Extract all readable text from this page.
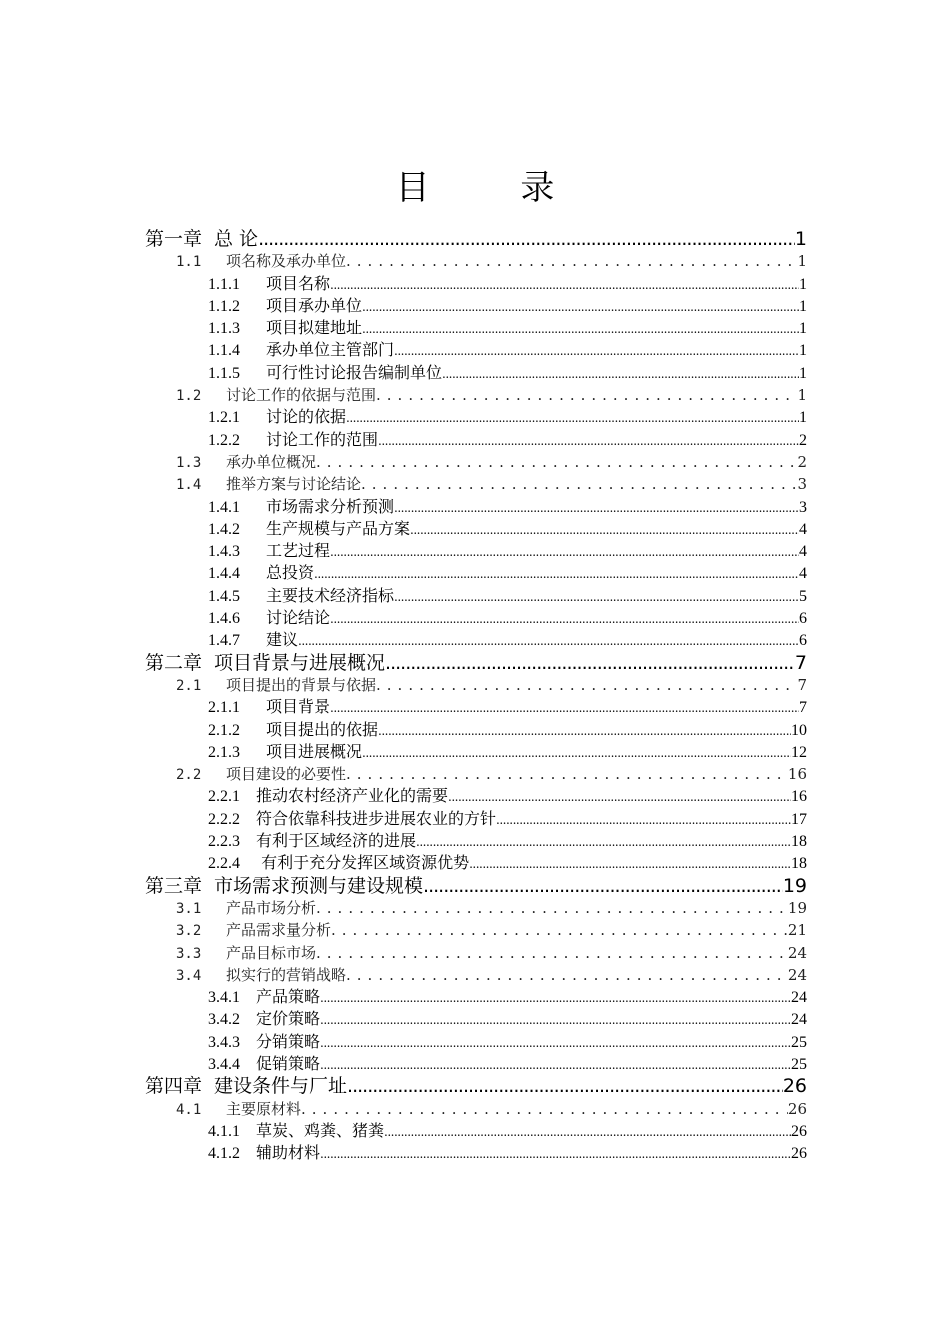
目 录
第一章 总 论 .....	1
1.1 项名称及承办单位 .....	1
1.1.1 项目名称 .....	1
1.1.2 项目承办单位 .....	1
1.1.3 项目拟建地址 .....	1
1.1.4 承办单位主管部门 .....	1
1.1.5 可行性讨论报告编制单位 .....	1
1.2 讨论工作的依据与范围 .....	1
1.2.1 讨论的依据 .....	1
1.2.2 讨论工作的范围 .....	2
1.3 承办单位概况 .....	2
1.4 推举方案与讨论结论 .....	3
1.4.1 市场需求分析预测 .....	3
1.4.2 生产规模与产品方案 .....	4
1.4.3 工艺过程 .....	4
1.4.4 总投资 .....	4
1.4.5 主要技术经济指标 .....	5
1.4.6 讨论结论 .....	6
1.4.7 建议 .....	6
第二章 项目背景与进展概况 .....	7
2.1 项目提出的背景与依据 .....	7
2.1.1 项目背景 .....	7
2.1.2 项目提出的依据 .....	10
2.1.3 项目进展概况 .....	12
2.2 项目建设的必要性 .....	16
2.2.1 推动农村经济产业化的需要 .....	16
2.2.2 符合依靠科技进步进展农业的方针 .....	17
2.2.3 有利于区域经济的进展 .....	18
2.2.4 有利于充分发挥区域资源优势 .....	18
第三章 市场需求预测与建设规模 .....	19
3.1 产品市场分析 .....	19
3.2 产品需求量分析 .....	21
3.3 产品目标市场 .....	24
3.4 拟实行的营销战略 .....	24
3.4.1 产品策略 .....	24
3.4.2 定价策略 .....	24
3.4.3 分销策略 .....	25
3.4.4 促销策略 .....	25
第四章 建设条件与厂址 .....	26
4.1 主要原材料 .....	26
4.1.1 草炭、鸡粪、猪粪 .....	26
4.1.2 辅助材料 .....	26
